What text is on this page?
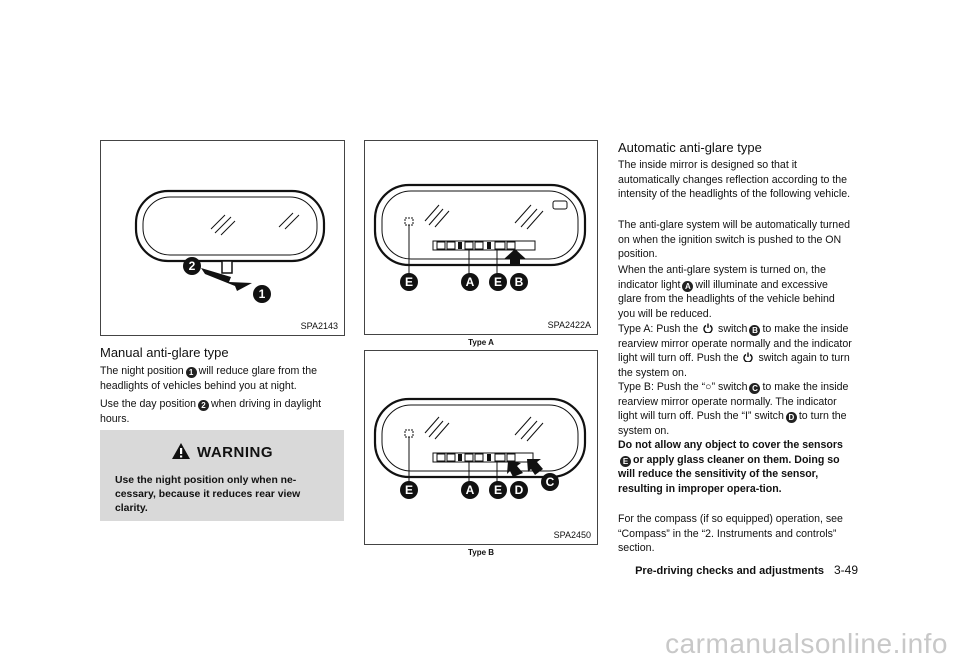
2
1
SPA2143
Manual anti-glare type
The night position 1 will reduce glare from the headlights of vehicles behind you at night.
Use the day position 2 when driving in daylight hours.
WARNING
Use the night position only when ne-cessary, because it reduces rear view clarity.
E	A	E	B
SPA2422A
Type A
E	A	E	D
C
SPA2450
Type B
Automatic anti-glare type
The inside mirror is designed so that it automatically changes reflection according to the intensity of the headlights of the following vehicle.
The anti-glare system will be automatically turned on when the ignition switch is pushed to the ON position.
When the anti-glare system is turned on, the indicator light A will illuminate and excessive glare from the headlights of the vehicle behind you will be reduced.
Type A: Push the switch B to make the inside rearview mirror operate normally and the indicator light will turn off. Push the switch again to turn the system on.
Type B: Push the “○” switch C to make the inside rearview mirror operate normally. The indicator light will turn off. Push the “I” switch D to turn the system on.
Do not allow any object to cover the sensorsE or apply glass cleaner on them. Doing so will reduce the sensitivity of the sensor, resulting in improper opera-tion.
For the compass (if so equipped) operation, see “Compass” in the “2. Instruments and controls” section.
Pre-driving checks and adjustments 3-49
carmanualsonline.info
